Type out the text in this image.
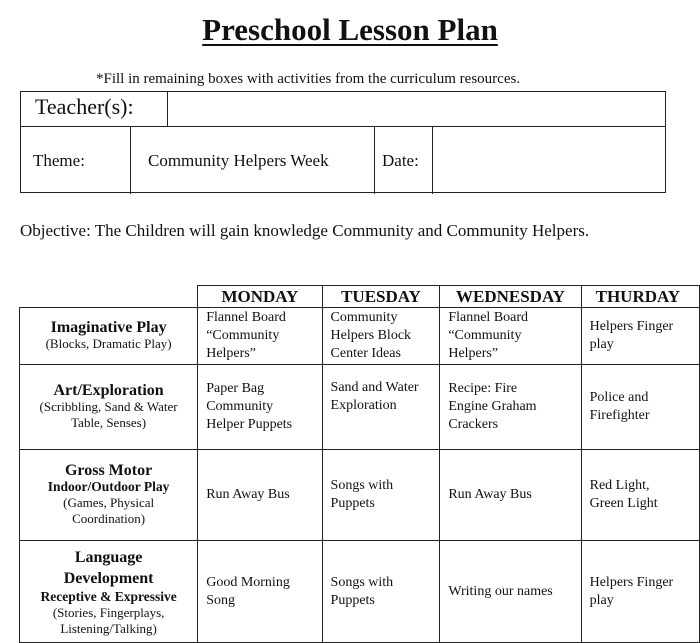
Preschool Lesson Plan
*Fill in remaining boxes with activities from the curriculum resources.
Teacher(s):
Theme:	Community Helpers Week	Date:
Objective: The Children will gain knowledge Community and Community Helpers.
	MONDAY	TUESDAY	WEDNESDAY	THURDAY

Imaginative Play
(Blocks, Dramatic Play)	Flannel Board
“Community
Helpers”	Community
Helpers Block
Center Ideas	Flannel Board
“Community
Helpers”	Helpers Finger
play

Art/Exploration
(Scribbling, Sand & Water
Table, Senses)	Paper Bag
Community
Helper Puppets	Sand and Water
Exploration	Recipe: Fire
Engine Graham
Crackers	Police and
Firefighter

Gross Motor
Indoor/Outdoor Play
(Games, Physical
Coordination)	Run Away Bus	Songs with
Puppets	Run Away Bus	Red Light,
Green Light

Language
Development
Receptive & Expressive
(Stories, Fingerplays,
Listening/Talking)	Good Morning
Song	Songs with
Puppets	Writing our names	Helpers Finger
play
